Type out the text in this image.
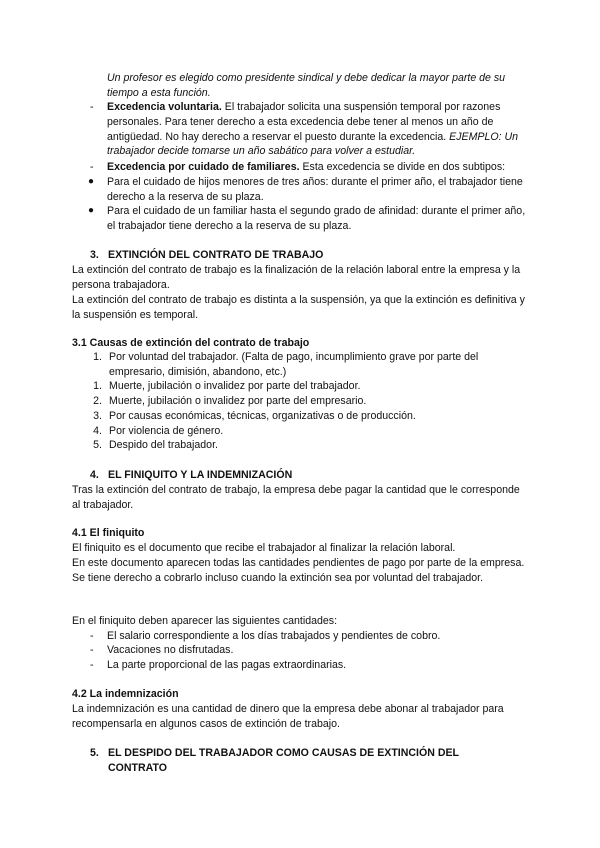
Un profesor es elegido como presidente sindical y debe dedicar la mayor parte de su tiempo a esta función.
- Excedencia voluntaria. El trabajador solicita una suspensión temporal por razones personales. Para tener derecho a esta excedencia debe tener al menos un año de antigüedad. No hay derecho a reservar el puesto durante la excedencia. EJEMPLO: Un trabajador decide tomarse un año sabático para volver a estudiar.
- Excedencia por cuidado de familiares. Esta excedencia se divide en dos subtipos:
● Para el cuidado de hijos menores de tres años: durante el primer año, el trabajador tiene derecho a la reserva de su plaza.
● Para el cuidado de un familiar hasta el segundo grado de afinidad: durante el primer año, el trabajador tiene derecho a la reserva de su plaza.
3. EXTINCIÓN DEL CONTRATO DE TRABAJO
La extinción del contrato de trabajo es la finalización de la relación laboral entre la empresa y la persona trabajadora.
La extinción del contrato de trabajo es distinta a la suspensión, ya que la extinción es definitiva y la suspensión es temporal.
3.1 Causas de extinción del contrato de trabajo
1. Por voluntad del trabajador. (Falta de pago, incumplimiento grave por parte del empresario, dimisión, abandono, etc.)
1. Muerte, jubilación o invalidez por parte del trabajador.
2. Muerte, jubilación o invalidez por parte del empresario.
3. Por causas económicas, técnicas, organizativas o de producción.
4. Por violencia de género.
5. Despido del trabajador.
4. EL FINIQUITO Y LA INDEMNIZACIÓN
Tras la extinción del contrato de trabajo, la empresa debe pagar la cantidad que le corresponde al trabajador.
4.1 El finiquito
El finiquito es el documento que recibe el trabajador al finalizar la relación laboral.
En este documento aparecen todas las cantidades pendientes de pago por parte de la empresa. Se tiene derecho a cobrarlo incluso cuando la extinción sea por voluntad del trabajador.
En el finiquito deben aparecer las siguientes cantidades:
- El salario correspondiente a los días trabajados y pendientes de cobro.
- Vacaciones no disfrutadas.
- La parte proporcional de las pagas extraordinarias.
4.2 La indemnización
La indemnización es una cantidad de dinero que la empresa debe abonar al trabajador para recompensarla en algunos casos de extinción de trabajo.
5. EL DESPIDO DEL TRABAJADOR COMO CAUSAS DE EXTINCIÓN DEL
CONTRATO
